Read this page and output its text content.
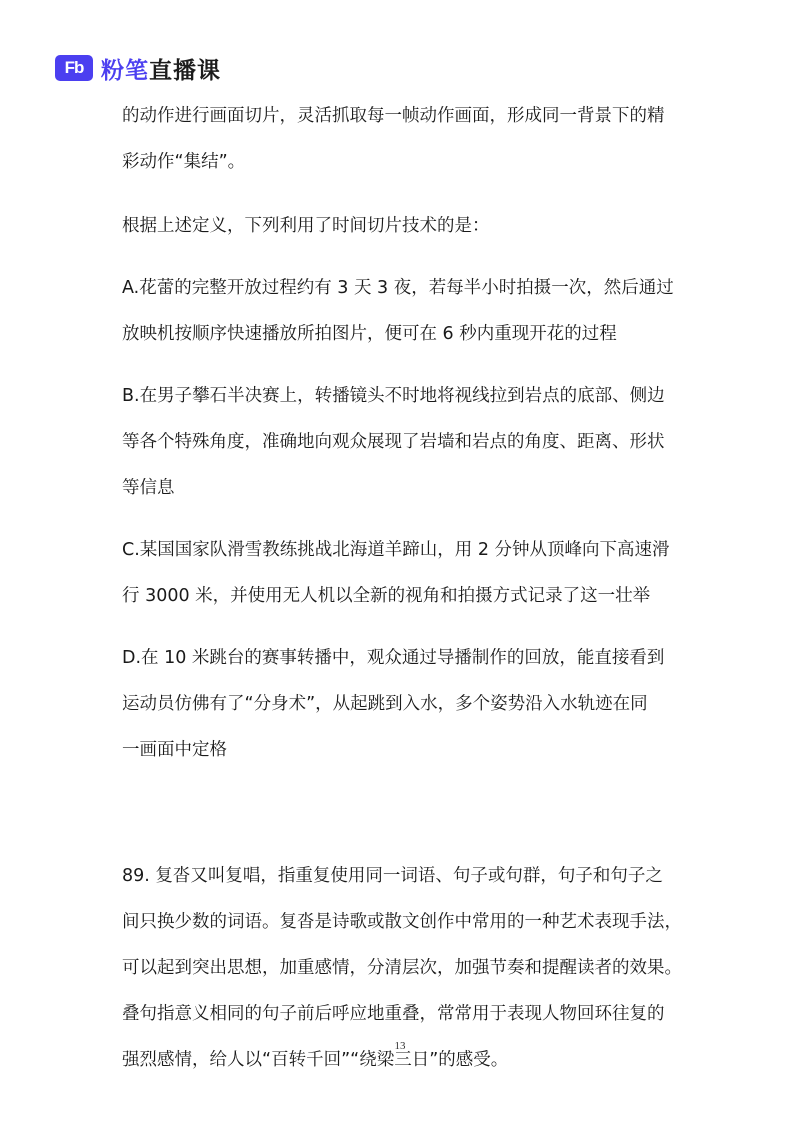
Fb 粉笔直播课
的动作进行画面切片，灵活抓取每一帧动作画面，形成同一背景下的精
彩动作“集结”。
根据上述定义，下列利用了时间切片技术的是：
A.花蕾的完整开放过程约有 3 天 3 夜，若每半小时拍摄一次，然后通过
放映机按顺序快速播放所拍图片，便可在 6 秒内重现开花的过程
B.在男子攀石半决赛上，转播镜头不时地将视线拉到岩点的底部、侧边
等各个特殊角度，准确地向观众展现了岩墙和岩点的角度、距离、形状
等信息
C.某国国家队滑雪教练挑战北海道羊蹄山，用 2 分钟从顶峰向下高速滑
行 3000 米，并使用无人机以全新的视角和拍摄方式记录了这一壮举
D.在 10 米跳台的赛事转播中，观众通过导播制作的回放，能直接看到
运动员仿佛有了“分身术”，从起跳到入水，多个姿势沿入水轨迹在同
一画面中定格
89. 复沓又叫复唱，指重复使用同一词语、句子或句群，句子和句子之
间只换少数的词语。复沓是诗歌或散文创作中常用的一种艺术表现手法，
可以起到突出思想，加重感情，分清层次，加强节奏和提醒读者的效果。
叠句指意义相同的句子前后呼应地重叠，常常用于表现人物回环往复的
强烈感情，给人以“百转千回”“绕梁三日”的感受。
13
